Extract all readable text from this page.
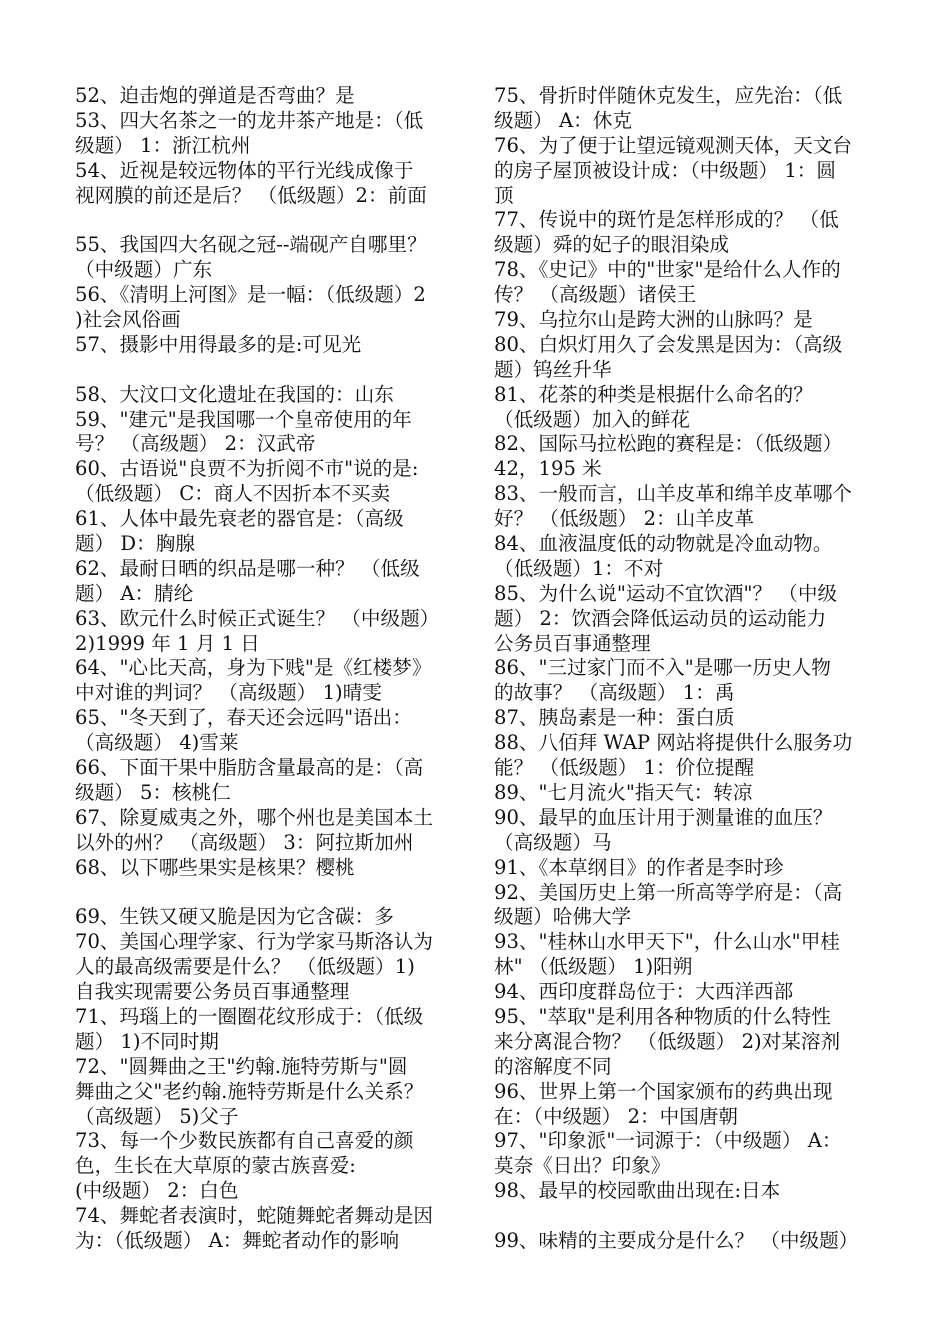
52、迫击炮的弹道是否弯曲？是
53、四大名茶之一的龙井茶产地是：（低
级题） 1：浙江杭州
54、近视是较远物体的平行光线成像于
视网膜的前还是后？ （低级题）2：前面
55、我国四大名砚之冠--端砚产自哪里？
（中级题）广东
56、《清明上河图》是一幅：（低级题）2
)社会风俗画
57、摄影中用得最多的是:可见光
58、大汶口文化遗址在我国的：山东
59、"建元"是我国哪一个皇帝使用的年
号？ （高级题） 2：汉武帝
60、古语说"良贾不为折阅不市"说的是:
（低级题） C：商人不因折本不买卖
61、人体中最先衰老的器官是：（高级
题） D：胸腺
62、最耐日晒的织品是哪一种？ （低级
题） A：腈纶
63、欧元什么时候正式诞生？ （中级题）
2)1999 年 1 月 1 日
64、"心比天高，身为下贱"是《红楼梦》
中对谁的判词？ （高级题） 1)晴雯
65、"冬天到了，春天还会远吗"语出：
（高级题） 4)雪莱
66、下面干果中脂肪含量最高的是：（高
级题） 5：核桃仁
67、除夏威夷之外，哪个州也是美国本土
以外的州？ （高级题） 3：阿拉斯加州
68、以下哪些果实是核果？樱桃
69、生铁又硬又脆是因为它含碳：多
70、美国心理学家、行为学家马斯洛认为
人的最高级需要是什么？ （低级题）1)
自我实现需要公务员百事通整理
71、玛瑙上的一圈圈花纹形成于：（低级
题） 1)不同时期
72、"圆舞曲之王"约翰.施特劳斯与"圆
舞曲之父"老约翰.施特劳斯是什么关系？
（高级题） 5)父子
73、每一个少数民族都有自己喜爱的颜
色，生长在大草原的蒙古族喜爱:
(中级题） 2：白色
74、舞蛇者表演时，蛇随舞蛇者舞动是因
为：（低级题） A：舞蛇者动作的影响
75、骨折时伴随休克发生，应先治：（低
级题） A：休克
76、为了便于让望远镜观测天体，天文台
的房子屋顶被设计成：（中级题） 1：圆
顶
77、传说中的斑竹是怎样形成的？ （低
级题）舜的妃子的眼泪染成
78、《史记》中的"世家"是给什么人作的
传？ （高级题）诸侯王
79、乌拉尔山是跨大洲的山脉吗？是
80、白炽灯用久了会发黑是因为：（高级
题）钨丝升华
81、花茶的种类是根据什么命名的？
（低级题）加入的鲜花
82、国际马拉松跑的赛程是：（低级题）
42，195 米
83、一般而言，山羊皮革和绵羊皮革哪个
好？ （低级题） 2：山羊皮革
84、血液温度低的动物就是冷血动物。
（低级题）1：不对
85、为什么说"运动不宜饮酒"？ （中级
题） 2：饮酒会降低运动员的运动能力
公务员百事通整理
86、"三过家门而不入"是哪一历史人物
的故事？ （高级题） 1：禹
87、胰岛素是一种：蛋白质
88、八佰拜 WAP 网站将提供什么服务功
能？ （低级题） 1：价位提醒
89、"七月流火"指天气：转凉
90、最早的血压计用于测量谁的血压？
（高级题）马
91、《本草纲目》的作者是李时珍
92、美国历史上第一所高等学府是：（高
级题）哈佛大学
93、"桂林山水甲天下"，什么山水"甲桂
林" （低级题） 1)阳朔
94、西印度群岛位于：大西洋西部
95、"萃取"是利用各种物质的什么特性
来分离混合物？ （低级题） 2)对某溶剂
的溶解度不同
96、世界上第一个国家颁布的药典出现
在：（中级题） 2：中国唐朝
97、"印象派"一词源于：（中级题） A：
莫奈《日出？印象》
98、最早的校园歌曲出现在:日本
99、味精的主要成分是什么？ （中级题）
